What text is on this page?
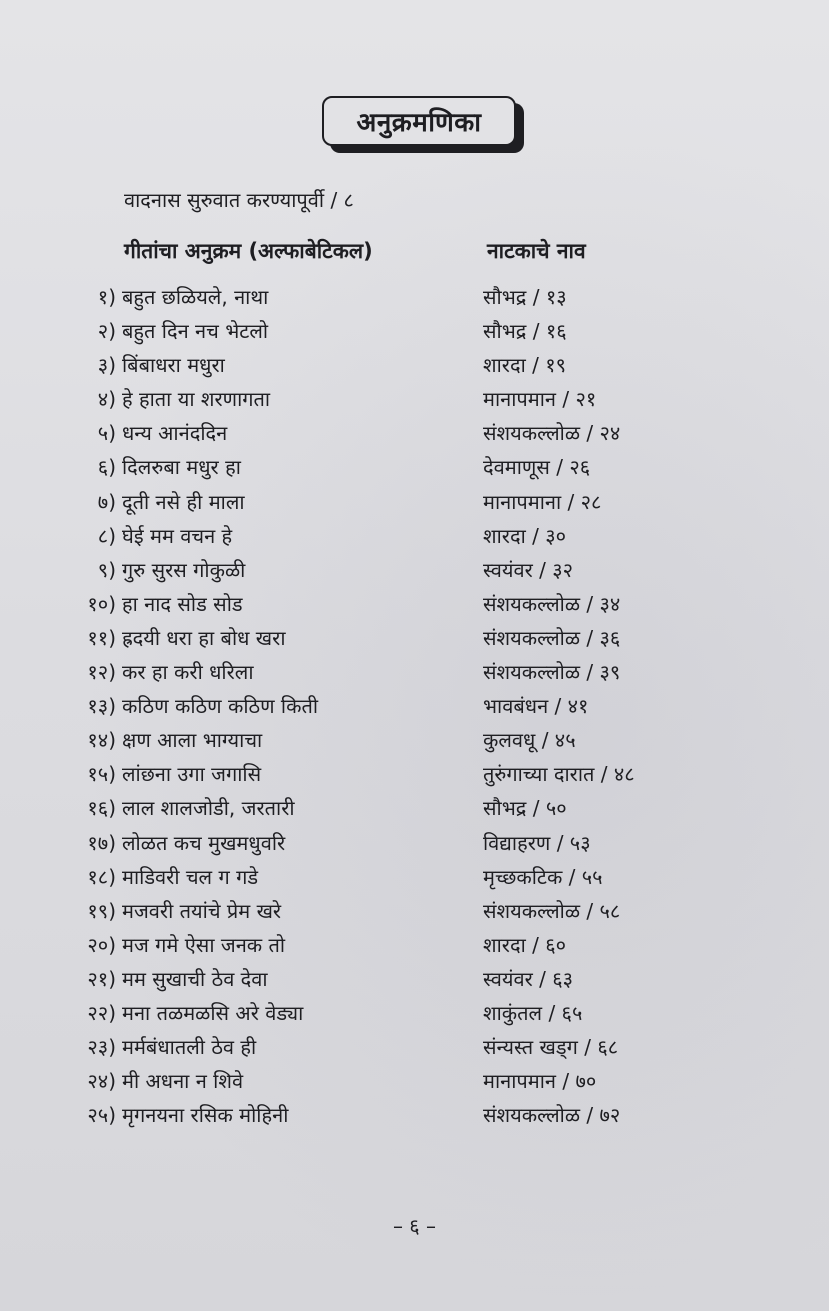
अनुक्रमणिका
वादनास सुरुवात करण्यापूर्वी / ८
गीतांचा अनुक्रम (अल्फाबेटिकल)	नाटकाचे नाव
१) बहुत छळियले, नाथा	सौभद्र / १३
२) बहुत दिन नच भेटलो	सौभद्र / १६
३) बिंबाधरा मधुरा	शारदा / १९
४) हे हाता या शरणागता	मानापमान / २१
५) धन्य आनंददिन	संशयकल्लोळ / २४
६) दिलरुबा मधुर हा	देवमाणूस / २६
७) दूती नसे ही माला	मानापमाना / २८
८) घेई मम वचन हे	शारदा / ३०
९) गुरु सुरस गोकुळी	स्वयंवर / ३२
१०) हा नाद सोड सोड	संशयकल्लोळ / ३४
११) ह्रदयी धरा हा बोध खरा	संशयकल्लोळ / ३६
१२) कर हा करी धरिला	संशयकल्लोळ / ३९
१३) कठिण कठिण कठिण किती	भावबंधन / ४१
१४) क्षण आला भाग्याचा	कुलवधू / ४५
१५) लांछना उगा जगासि	तुरुंगाच्या दारात / ४८
१६) लाल शालजोडी, जरतारी	सौभद्र / ५०
१७) लोळत कच मुखमधुवरि	विद्याहरण / ५३
१८) माडिवरी चल ग गडे	मृच्छकटिक / ५५
१९) मजवरी तयांचे प्रेम खरे	संशयकल्लोळ / ५८
२०) मज गमे ऐसा जनक तो	शारदा / ६०
२१) मम सुखाची ठेव देवा	स्वयंवर / ६३
२२) मना तळमळसि अरे वेड्या	शाकुंतल / ६५
२३) मर्मबंधातली ठेव ही	संन्यस्त खड्ग / ६८
२४) मी अधना न शिवे	मानापमान / ७०
२५) मृगनयना रसिक मोहिनी	संशयकल्लोळ / ७२
– ६ –
